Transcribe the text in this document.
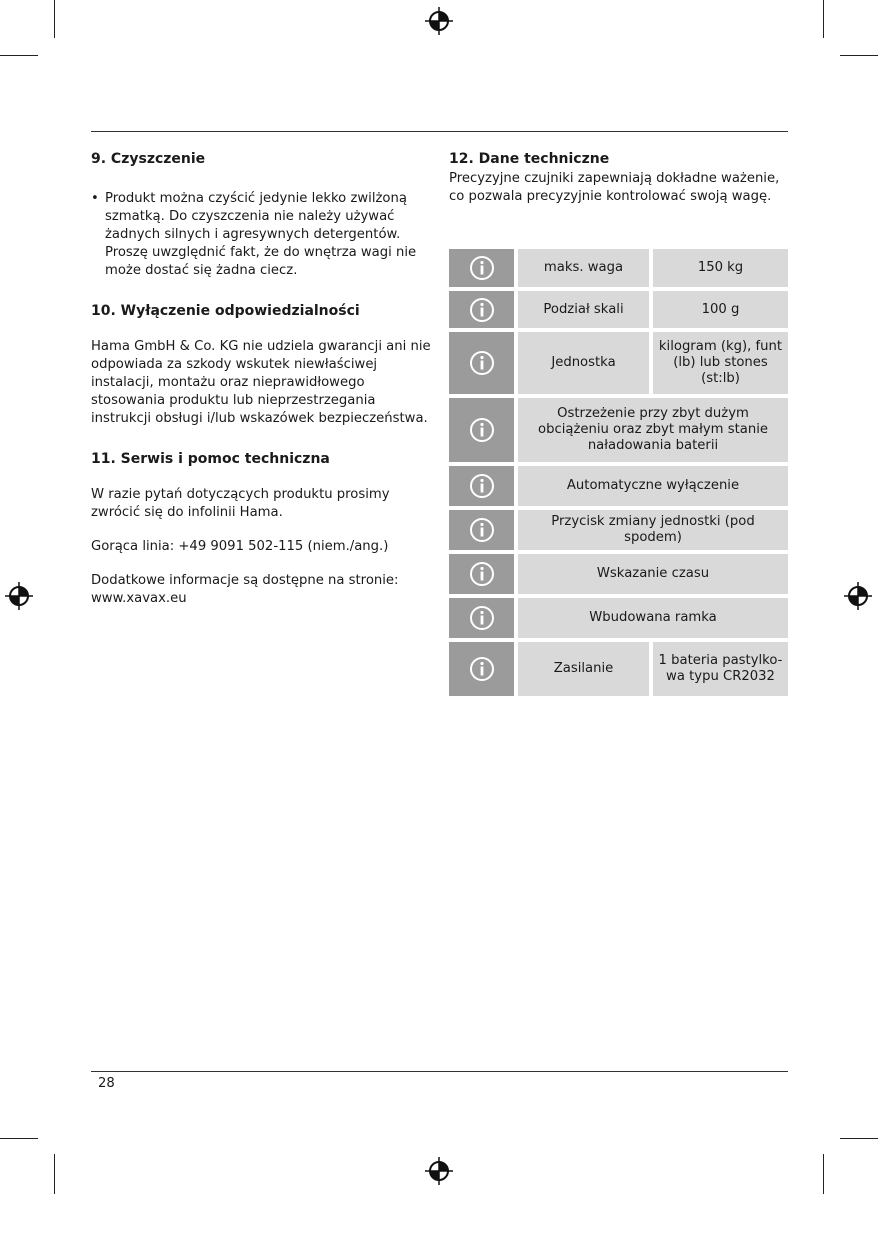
9. Czyszczenie
• Produkt można czyścić jedynie lekko zwilżoną szmatką. Do czyszczenia nie należy używać żadnych silnych i agresywnych detergentów. Proszę uwzględnić fakt, że do wnętrza wagi nie może dostać się żadna ciecz.
10. Wyłączenie odpowiedzialności

Hama GmbH & Co. KG nie udziela gwarancji ani nie odpowiada za szkody wskutek niewłaściwej instalacji, montażu oraz nieprawidłowego stosowania produktu lub nieprzestrzegania instrukcji obsługi i/lub wskazówek bezpieczeństwa.

11. Serwis i pomoc techniczna

W razie pytań dotyczących produktu prosimy zwrócić się do infolinii Hama.

Gorąca linia: +49 9091 502-115 (niem./ang.)

Dodatkowe informacje są dostępne na stronie: www.xavax.eu

12. Dane techniczne

Precyzyjne czujniki zapewniają dokładne ważenie, co pozwala precyzyjnie kontrolować swoją wagę.

maks. waga	150 kg
Podział skali	100 g
Jednostka
kilogram (kg), funt (lb) lub stones (st:lb)
Ostrzeżenie przy zbyt dużym obciążeniu oraz zbyt małym stanie naładowania baterii
Automatyczne wyłączenie
Przycisk zmiany jednostki (pod spodem)
Wskazanie czasu
Wbudowana ramka
Zasilanie
1 bateria pastylko-wa typu CR2032
28
